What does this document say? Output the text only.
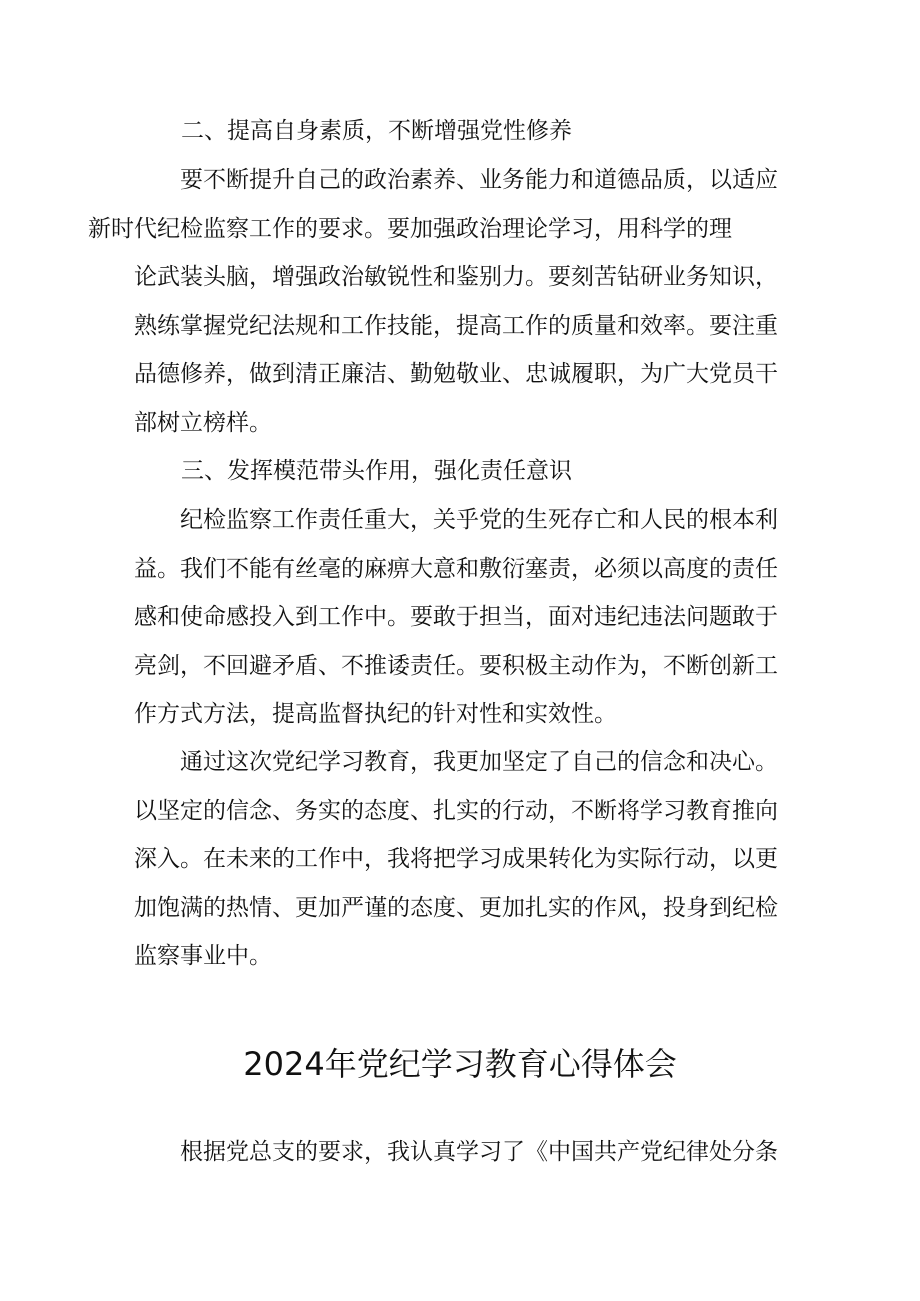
二、提高自身素质，不断增强党性修养
要不断提升自己的政治素养、业务能力和道德品质，以适应
新时代纪检监察工作的要求。要加强政治理论学习，用科学的理
论武装头脑，增强政治敏锐性和鉴别力。要刻苦钻研业务知识，
熟练掌握党纪法规和工作技能，提高工作的质量和效率。要注重
品德修养，做到清正廉洁、勤勉敬业、忠诚履职，为广大党员干
部树立榜样。
三、发挥模范带头作用，强化责任意识
纪检监察工作责任重大，关乎党的生死存亡和人民的根本利
益。我们不能有丝毫的麻痹大意和敷衍塞责，必须以高度的责任
感和使命感投入到工作中。要敢于担当，面对违纪违法问题敢于
亮剑，不回避矛盾、不推诿责任。要积极主动作为，不断创新工
作方式方法，提高监督执纪的针对性和实效性。
通过这次党纪学习教育，我更加坚定了自己的信念和决心。
以坚定的信念、务实的态度、扎实的行动，不断将学习教育推向
深入。在未来的工作中，我将把学习成果转化为实际行动，以更
加饱满的热情、更加严谨的态度、更加扎实的作风，投身到纪检
监察事业中。
2024年党纪学习教育心得体会
根据党总支的要求，我认真学习了《中国共产党纪律处分条
